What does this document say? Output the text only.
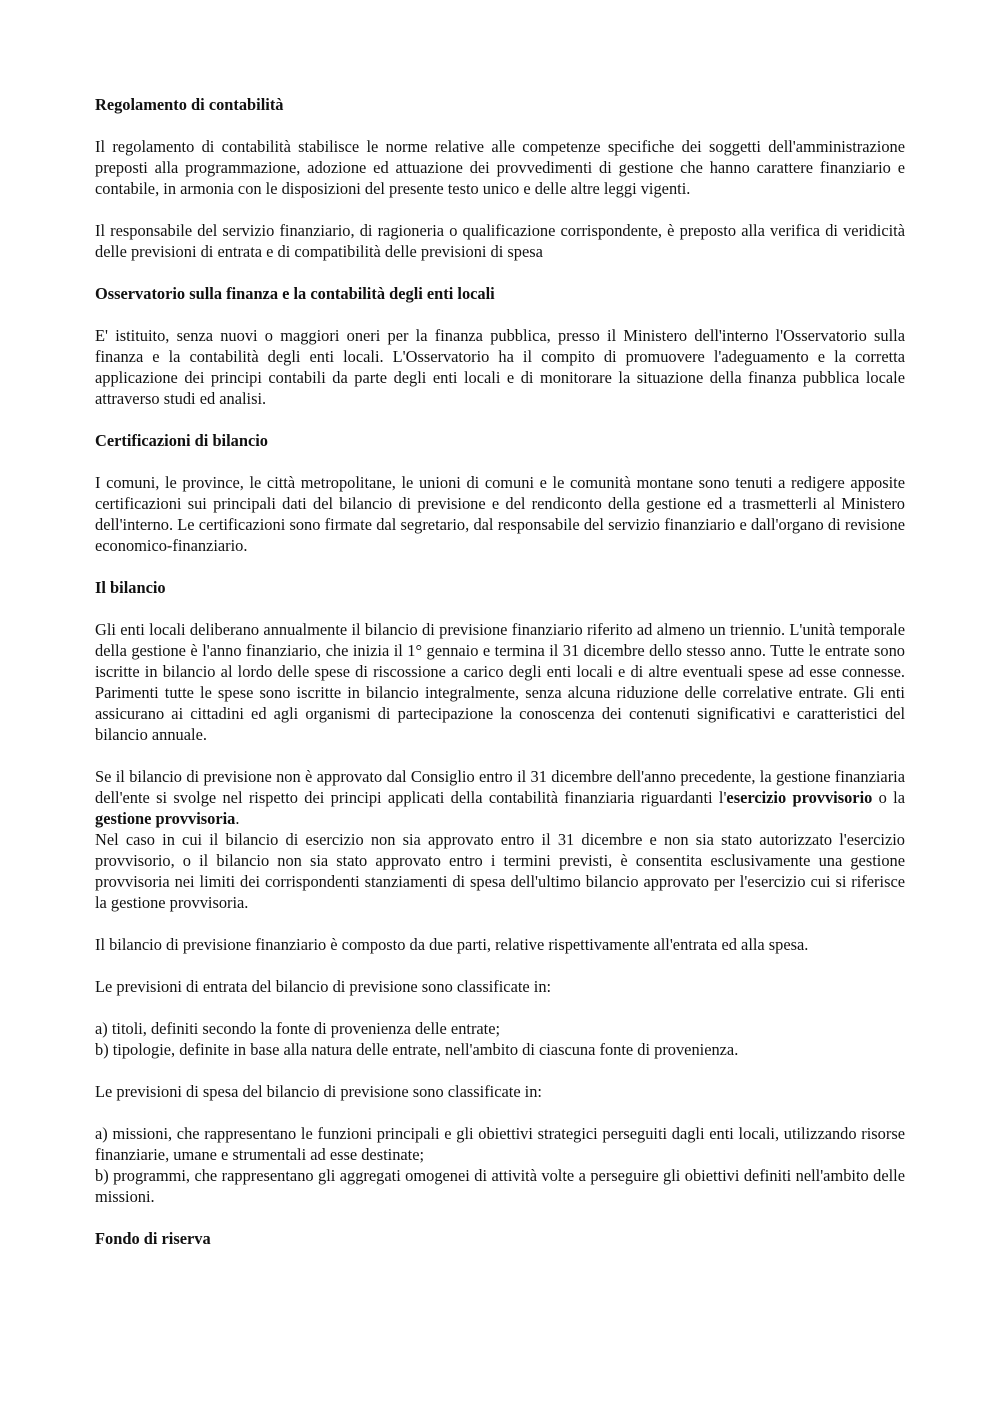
Regolamento di contabilità

Il regolamento di contabilità stabilisce le norme relative alle competenze specifiche dei soggetti dell'amministrazione preposti alla programmazione, adozione ed attuazione dei provvedimenti di gestione che hanno carattere finanziario e contabile, in armonia con le disposizioni del presente testo unico e delle altre leggi vigenti.

Il responsabile del servizio finanziario, di ragioneria o qualificazione corrispondente, è preposto alla verifica di veridicità delle previsioni di entrata e di compatibilità delle previsioni di spesa

Osservatorio sulla finanza e la contabilità degli enti locali

E' istituito, senza nuovi o maggiori oneri per la finanza pubblica, presso il Ministero dell'interno l'Osservatorio sulla finanza e la contabilità degli enti locali. L'Osservatorio ha il compito di promuovere l'adeguamento e la corretta applicazione dei principi contabili da parte degli enti locali e di monitorare la situazione della finanza pubblica locale attraverso studi ed analisi.

Certificazioni di bilancio

I comuni, le province, le città metropolitane, le unioni di comuni e le comunità montane sono tenuti a redigere apposite certificazioni sui principali dati del bilancio di previsione e del rendiconto della gestione ed a trasmetterli al Ministero dell'interno. Le certificazioni sono firmate dal segretario, dal responsabile del servizio finanziario e dall'organo di revisione economico-finanziario.

Il bilancio

Gli enti locali deliberano annualmente il bilancio di previsione finanziario riferito ad almeno un triennio. L'unità temporale della gestione è l'anno finanziario, che inizia il 1° gennaio e termina il 31 dicembre dello stesso anno. Tutte le entrate sono iscritte in bilancio al lordo delle spese di riscossione a carico degli enti locali e di altre eventuali spese ad esse connesse. Parimenti tutte le spese sono iscritte in bilancio integralmente, senza alcuna riduzione delle correlative entrate. Gli enti assicurano ai cittadini ed agli organismi di partecipazione la conoscenza dei contenuti significativi e caratteristici del bilancio annuale.

Se il bilancio di previsione non è approvato dal Consiglio entro il 31 dicembre dell'anno precedente, la gestione finanziaria dell'ente si svolge nel rispetto dei principi applicati della contabilità finanziaria riguardanti l'esercizio provvisorio o la gestione provvisoria.

Nel caso in cui il bilancio di esercizio non sia approvato entro il 31 dicembre e non sia stato autorizzato l'esercizio provvisorio, o il bilancio non sia stato approvato entro i termini previsti, è consentita esclusivamente una gestione provvisoria nei limiti dei corrispondenti stanziamenti di spesa dell'ultimo bilancio approvato per l'esercizio cui si riferisce la gestione provvisoria.

Il bilancio di previsione finanziario è composto da due parti, relative rispettivamente all'entrata ed alla spesa.

Le previsioni di entrata del bilancio di previsione sono classificate in:

a) titoli, definiti secondo la fonte di provenienza delle entrate;
b) tipologie, definite in base alla natura delle entrate, nell'ambito di ciascuna fonte di provenienza.

Le previsioni di spesa del bilancio di previsione sono classificate in:

a) missioni, che rappresentano le funzioni principali e gli obiettivi strategici perseguiti dagli enti locali, utilizzando risorse finanziarie, umane e strumentali ad esse destinate;
b) programmi, che rappresentano gli aggregati omogenei di attività volte a perseguire gli obiettivi definiti nell'ambito delle missioni.
Fondo di riserva
